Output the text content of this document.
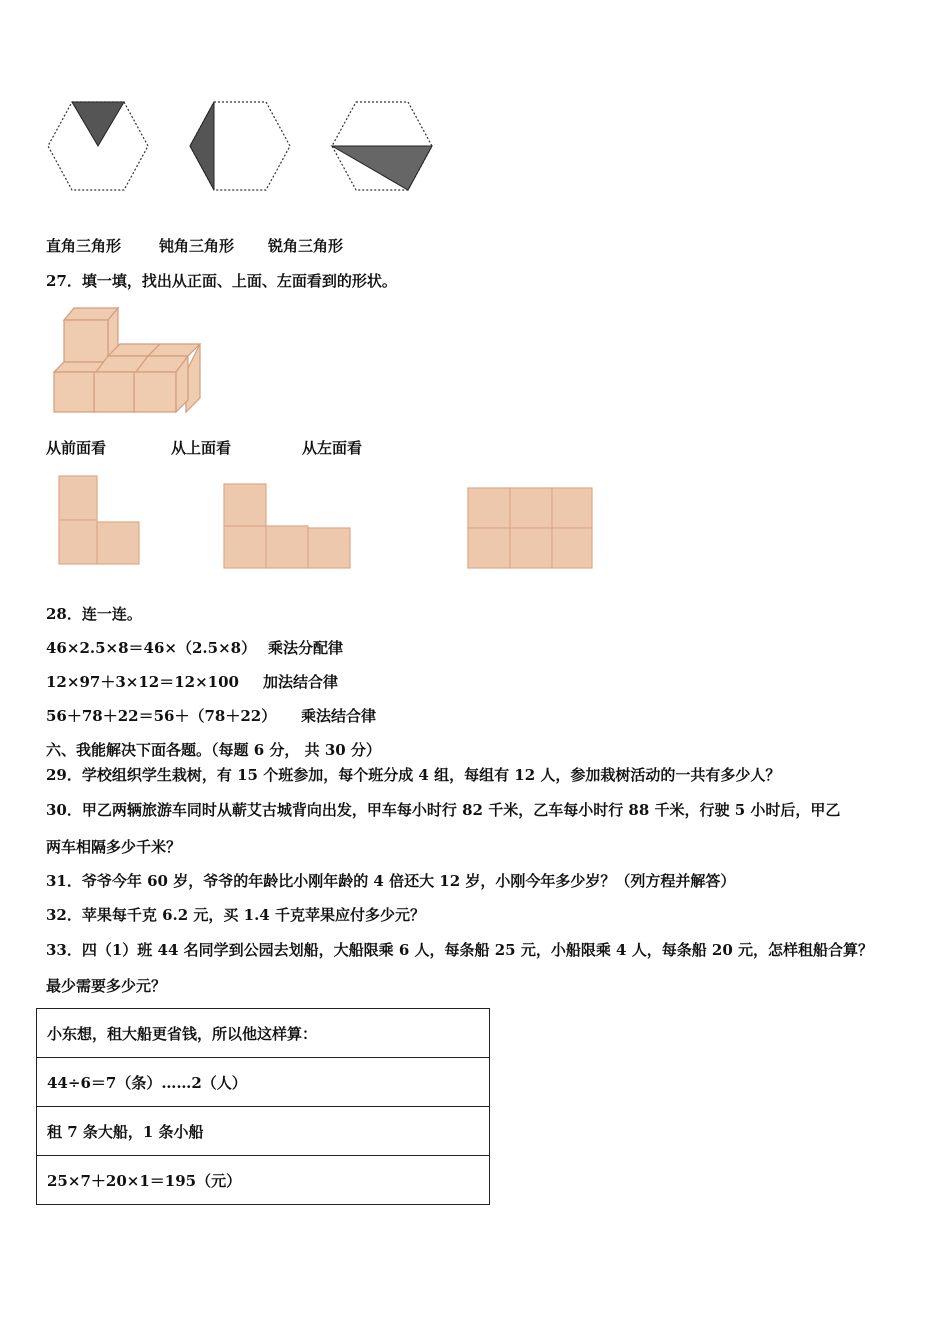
直角三角形	钝角三角形 锐角三角形
27．填一填，找出从正面、上面、左面看到的形状。
从前面看	从上面看	从左面看
28．连一连。
46×2.5×8＝46×（2.5×8） 乘法分配律
12×97＋3×12＝12×100 加法结合律
56＋78＋22＝56＋（78＋22） 乘法结合律
六、我能解决下面各题。（每题 6 分， 共 30 分）
29．学校组织学生栽树，有 15 个班参加，每个班分成 4 组，每组有 12 人，参加栽树活动的一共有多少人？
30．甲乙两辆旅游车同时从蕲艾古城背向出发，甲车每小时行 82 千米，乙车每小时行 88 千米，行驶 5 小时后，甲乙
两车相隔多少千米？
31．爷爷今年 60 岁，爷爷的年龄比小刚年龄的 4 倍还大 12 岁，小刚今年多少岁？（列方程并解答）
32．苹果每千克 6.2 元，买 1.4 千克苹果应付多少元？
33．四（1）班 44 名同学到公园去划船，大船限乘 6 人，每条船 25 元，小船限乘 4 人，每条船 20 元，怎样租船合算？
最少需要多少元？
小东想，租大船更省钱，所以他这样算：
44÷6＝7（条）……2（人）
租 7 条大船，1 条小船
25×7＋20×1＝195（元）
